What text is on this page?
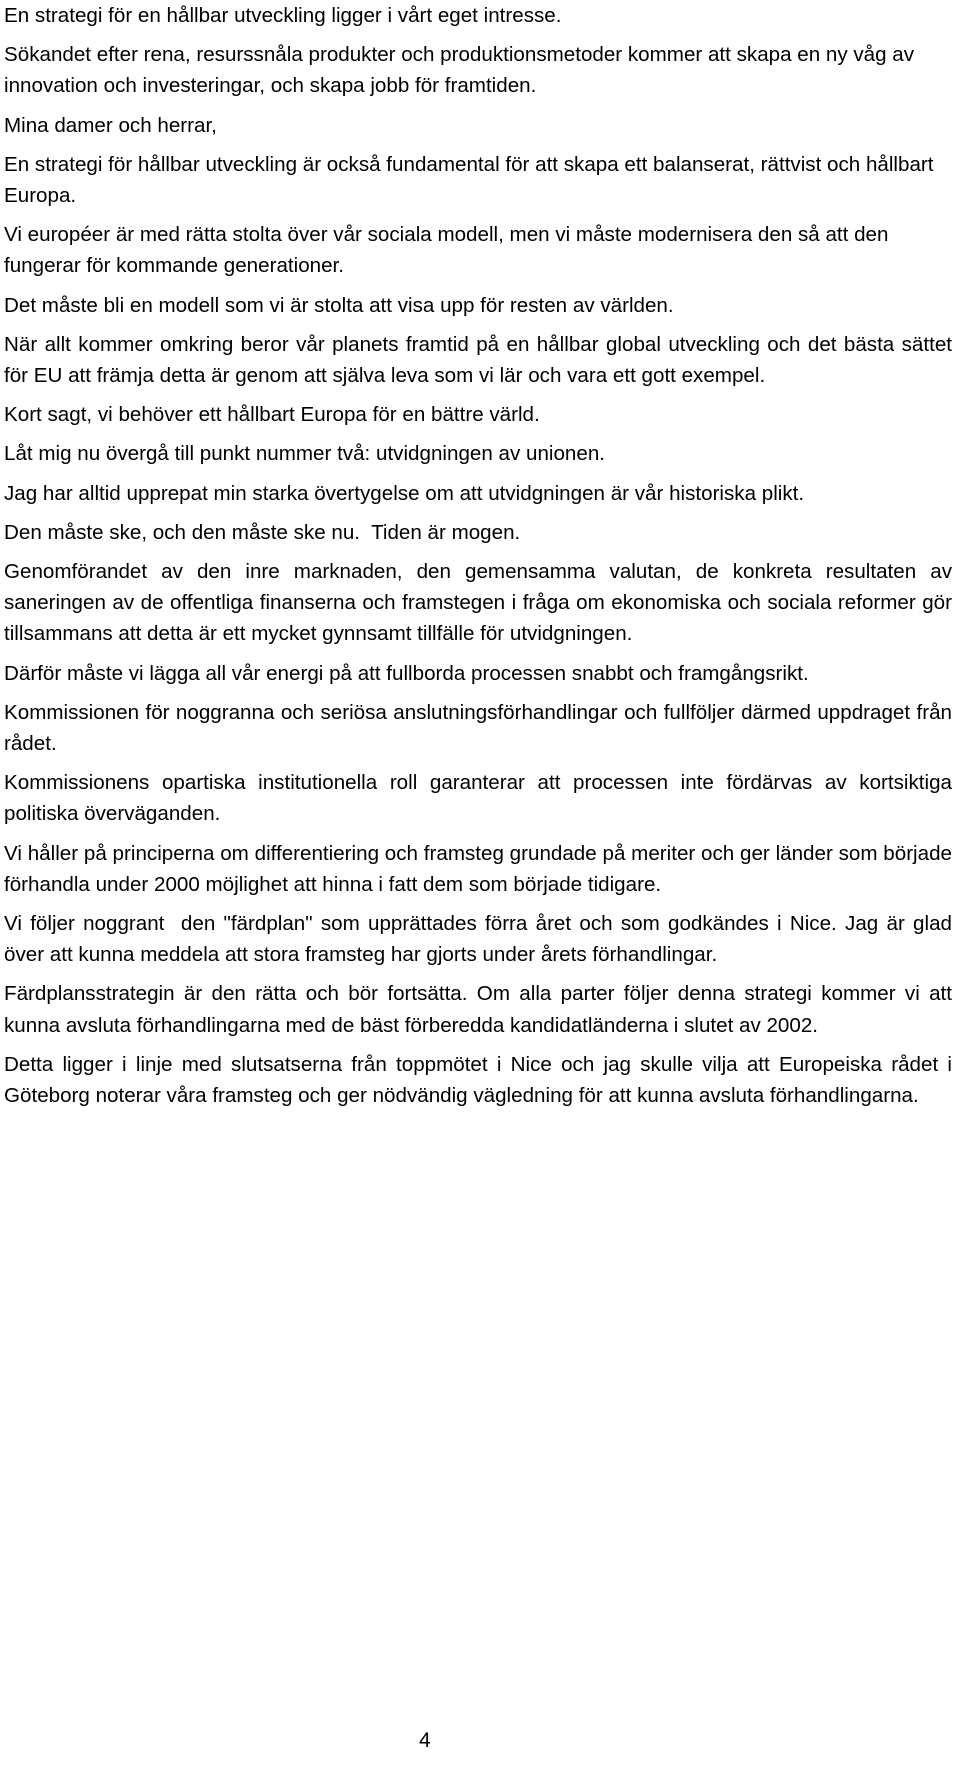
En strategi för en hållbar utveckling ligger i vårt eget intresse.

Sökandet efter rena, resurssnåla produkter och produktionsmetoder kommer att skapa en ny våg av innovation och investeringar, och skapa jobb för framtiden.

Mina damer och herrar,

En strategi för hållbar utveckling är också fundamental för att skapa ett balanserat, rättvist och hållbart Europa.

Vi européer är med rätta stolta över vår sociala modell, men vi måste modernisera den så att den fungerar för kommande generationer.

Det måste bli en modell som vi är stolta att visa upp för resten av världen.

När allt kommer omkring beror vår planets framtid på en hållbar global utveckling och det bästa sättet för EU att främja detta är genom att själva leva som vi lär och vara ett gott exempel.

Kort sagt, vi behöver ett hållbart Europa för en bättre värld.

Låt mig nu övergå till punkt nummer två: utvidgningen av unionen.

Jag har alltid upprepat min starka övertygelse om att utvidgningen är vår historiska plikt.

Den måste ske, och den måste ske nu.  Tiden är mogen.

Genomförandet av den inre marknaden, den gemensamma valutan, de konkreta resultaten av saneringen av de offentliga finanserna och framstegen i fråga om ekonomiska och sociala reformer gör tillsammans att detta är ett mycket gynnsamt tillfälle för utvidgningen.

Därför måste vi lägga all vår energi på att fullborda processen snabbt och framgångsrikt.

Kommissionen för noggranna och seriösa anslutningsförhandlingar och fullföljer därmed uppdraget från rådet.

Kommissionens opartiska institutionella roll garanterar att processen inte fördärvas av kortsiktiga politiska överväganden.

Vi håller på principerna om differentiering och framsteg grundade på meriter och ger länder som började förhandla under 2000 möjlighet att hinna i fatt dem som började tidigare.

Vi följer noggrant  den "färdplan" som upprättades förra året och som godkändes i Nice. Jag är glad över att kunna meddela att stora framsteg har gjorts under årets förhandlingar.

Färdplansstrategin är den rätta och bör fortsätta. Om alla parter följer denna strategi kommer vi att kunna avsluta förhandlingarna med de bäst förberedda kandidatländerna i slutet av 2002.

Detta ligger i linje med slutsatserna från toppmötet i Nice och jag skulle vilja att Europeiska rådet i Göteborg noterar våra framsteg och ger nödvändig vägledning för att kunna avsluta förhandlingarna.

4
